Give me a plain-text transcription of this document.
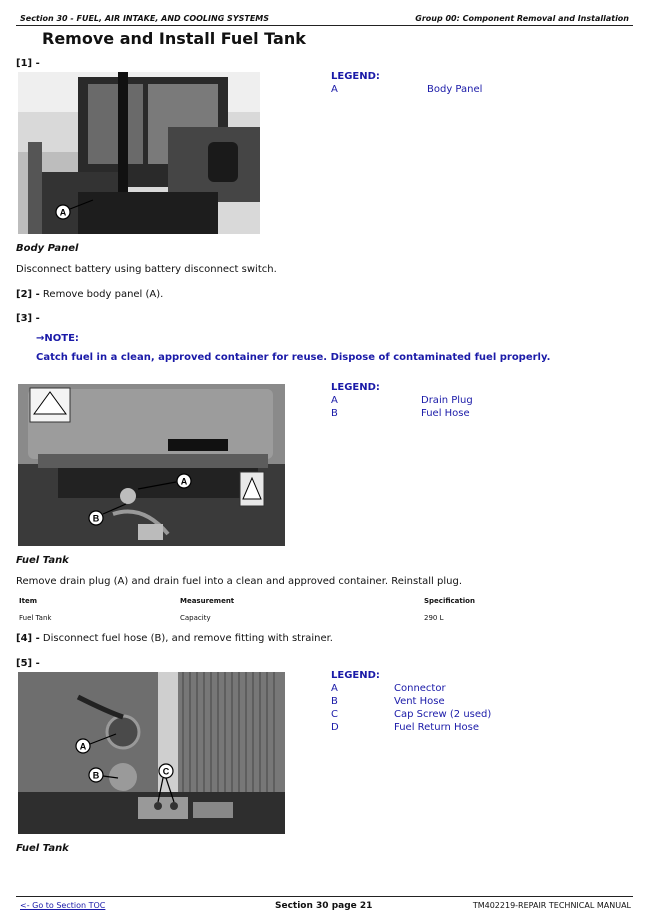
Section 30 - FUEL, AIR INTAKE, AND COOLING SYSTEMS	Group 00: Component Removal and Installation
Remove and Install Fuel Tank
[1] -
A
LEGEND:
A	Body Panel
Body Panel
Disconnect battery using battery disconnect switch.
[2] - Remove body panel (A).
[3] -
→NOTE:
Catch fuel in a clean, approved container for reuse. Dispose of contaminated fuel properly.
A
B
LEGEND:
A	Drain Plug
B	Fuel Hose
Fuel Tank
Remove drain plug (A) and drain fuel into a clean and approved container. Reinstall plug.
Item	Measurement	Specification
Fuel Tank	Capacity	290 L
[4] - Disconnect fuel hose (B), and remove fitting with strainer.
[5] -
A
B	C
LEGEND:
A	Connector
B	Vent Hose
C	Cap Screw (2 used)
D	Fuel Return Hose
Fuel Tank
<- Go to Section TOC	Section 30 page 21	TM402219-REPAIR TECHNICAL MANUAL
